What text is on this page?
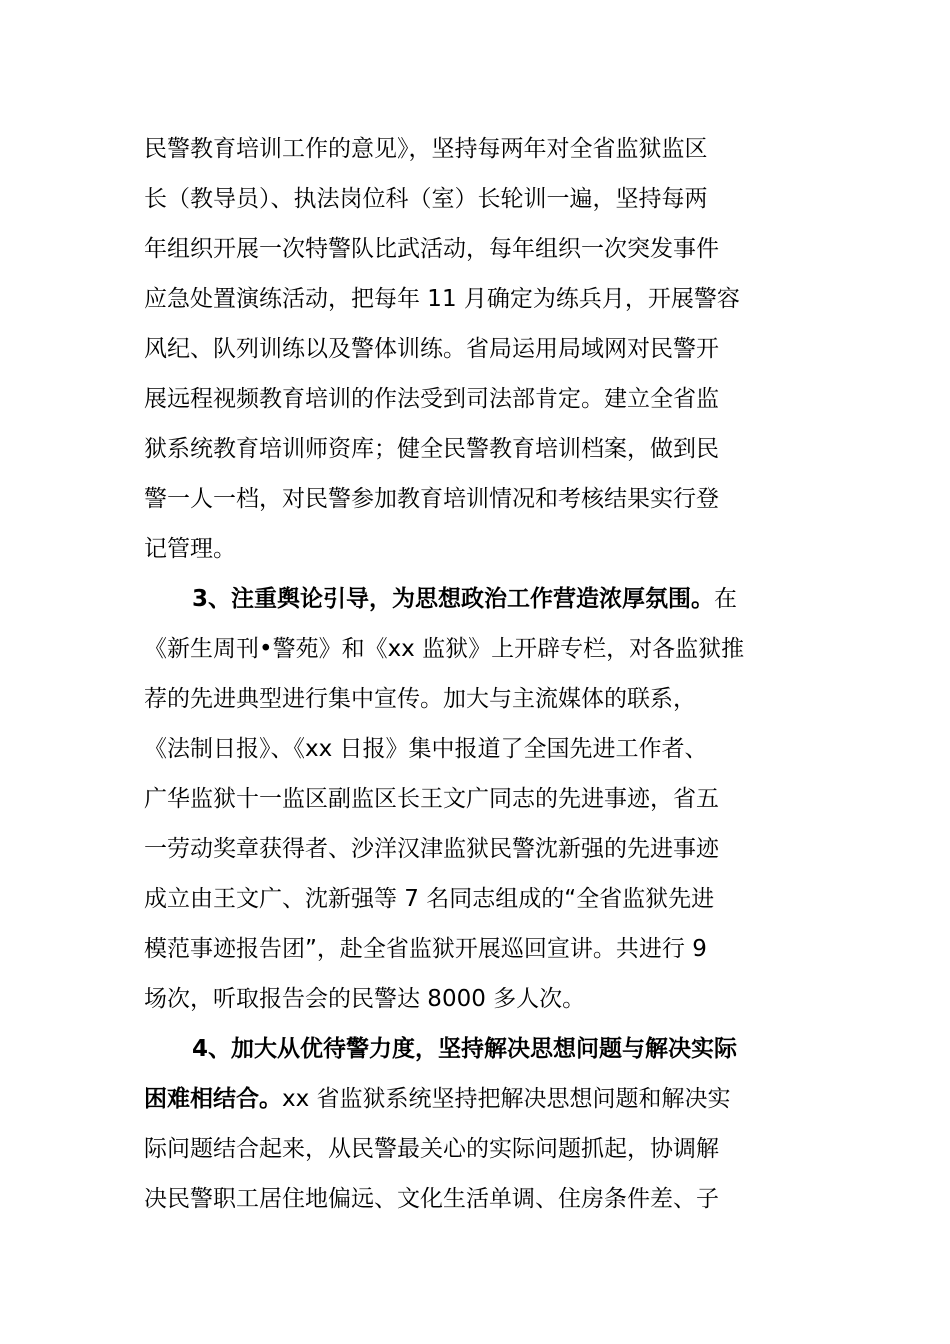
民警教育培训工作的意见》，坚持每两年对全省监狱监区
长（教导员）、执法岗位科（室）长轮训一遍，坚持每两
年组织开展一次特警队比武活动，每年组织一次突发事件
应急处置演练活动，把每年 11 月确定为练兵月，开展警容
风纪、队列训练以及警体训练。省局运用局域网对民警开
展远程视频教育培训的作法受到司法部肯定。建立全省监
狱系统教育培训师资库；健全民警教育培训档案，做到民
警一人一档，对民警参加教育培训情况和考核结果实行登
记管理。
3、注重舆论引导，为思想政治工作营造浓厚氛围。在
《新生周刊•警苑》和《xx 监狱》上开辟专栏，对各监狱推
荐的先进典型进行集中宣传。加大与主流媒体的联系，
《法制日报》、《xx 日报》集中报道了全国先进工作者、
广华监狱十一监区副监区长王文广同志的先进事迹，省五
一劳动奖章获得者、沙洋汉津监狱民警沈新强的先进事迹
成立由王文广、沈新强等 7 名同志组成的“全省监狱先进
模范事迹报告团”，赴全省监狱开展巡回宣讲。共进行 9
场次，听取报告会的民警达 8000 多人次。
4、加大从优待警力度，坚持解决思想问题与解决实际
困难相结合。xx 省监狱系统坚持把解决思想问题和解决实
际问题结合起来，从民警最关心的实际问题抓起，协调解
决民警职工居住地偏远、文化生活单调、住房条件差、子
